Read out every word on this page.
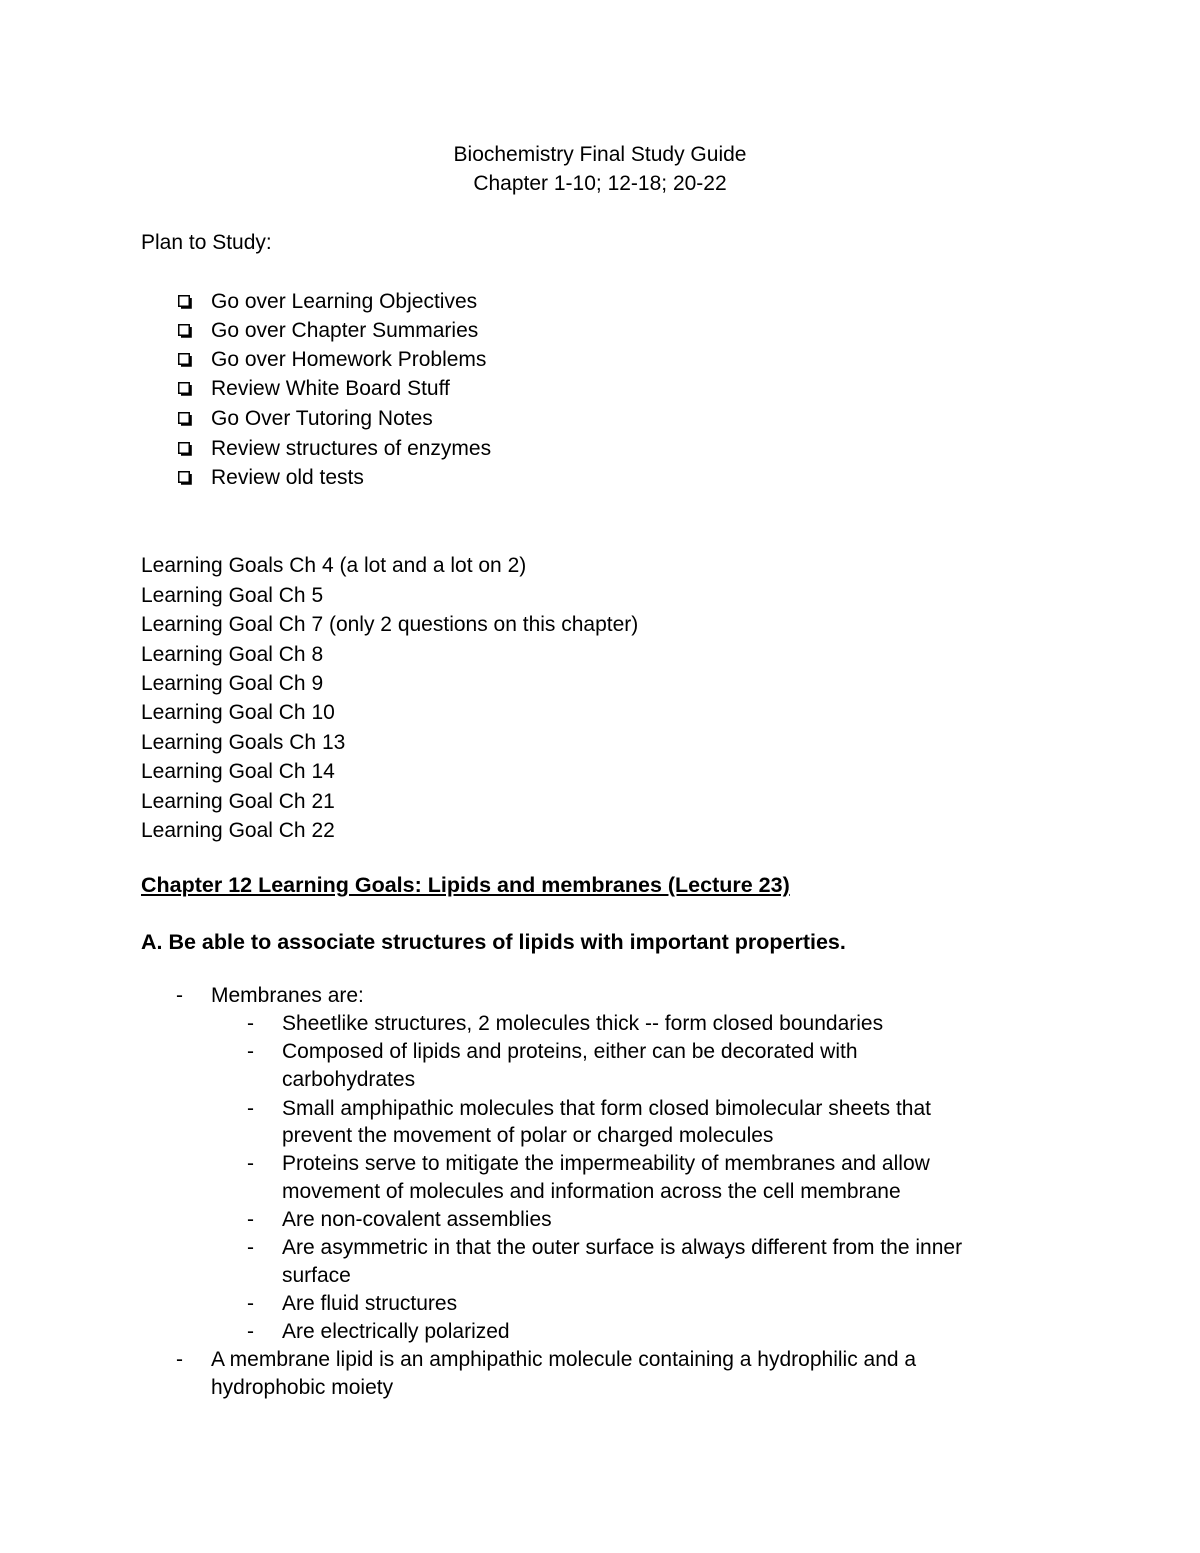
Biochemistry Final Study Guide
Chapter 1-10; 12-18; 20-22
Plan to Study:
Go over Learning Objectives
Go over Chapter Summaries
Go over Homework Problems
Review White Board Stuff
Go Over Tutoring Notes
Review structures of enzymes
Review old tests
Learning Goals Ch 4 (a lot and a lot on 2)
Learning Goal Ch 5
Learning Goal Ch 7 (only 2 questions on this chapter)
Learning Goal Ch 8
Learning Goal Ch 9
Learning Goal Ch 10
Learning Goals Ch 13
Learning Goal Ch 14
Learning Goal Ch 21
Learning Goal Ch 22
Chapter 12 Learning Goals: Lipids and membranes (Lecture 23)
A. Be able to associate structures of lipids with important properties.
- Membranes are:
- Sheetlike structures, 2 molecules thick -- form closed boundaries
- Composed of lipids and proteins, either can be decorated with
carbohydrates
- Small amphipathic molecules that form closed bimolecular sheets that
prevent the movement of polar or charged molecules
- Proteins serve to mitigate the impermeability of membranes and allow
movement of molecules and information across the cell membrane
- Are non-covalent assemblies
- Are asymmetric in that the outer surface is always different from the inner
surface
- Are fluid structures
- Are electrically polarized
- A membrane lipid is an amphipathic molecule containing a hydrophilic and a
hydrophobic moiety
